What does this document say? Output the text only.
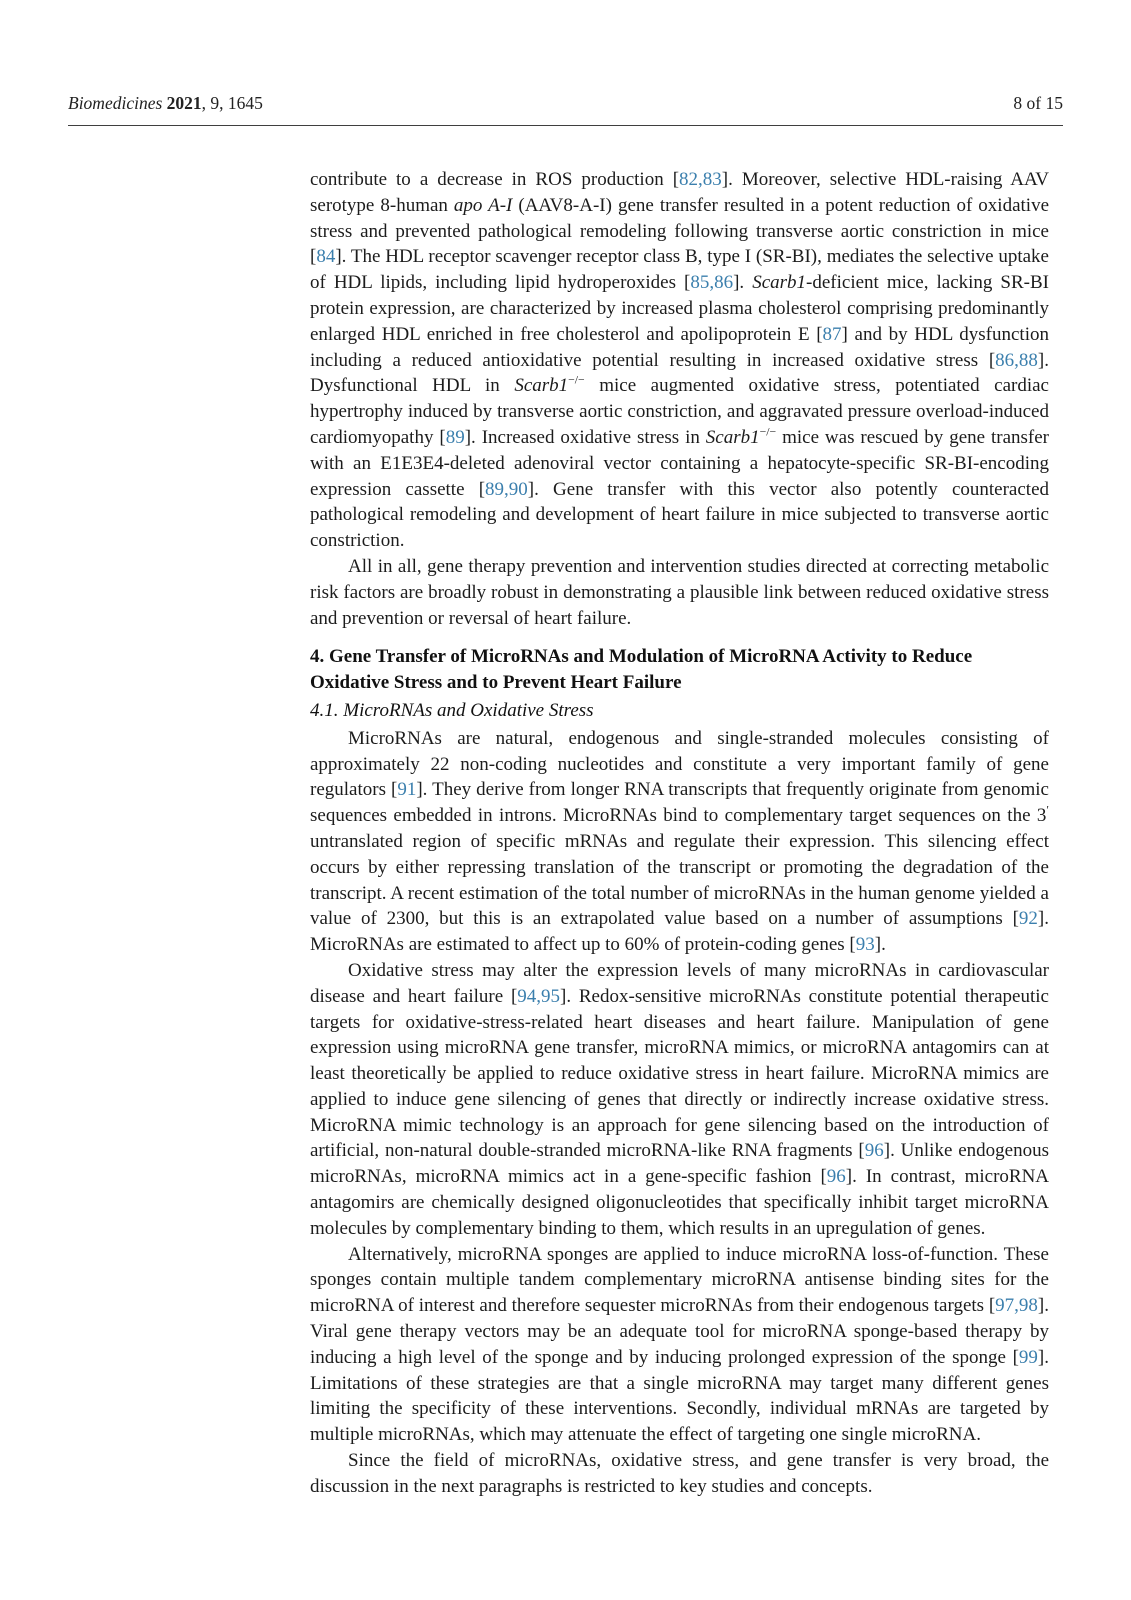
Biomedicines 2021, 9, 1645	8 of 15

contribute to a decrease in ROS production [82,83]. Moreover, selective HDL-raising AAV serotype 8-human apo A-I (AAV8-A-I) gene transfer resulted in a potent reduction of oxidative stress and prevented pathological remodeling following transverse aortic constriction in mice [84]. The HDL receptor scavenger receptor class B, type I (SR-BI), mediates the selective uptake of HDL lipids, including lipid hydroperoxides [85,86]. Scarb1-deficient mice, lacking SR-BI protein expression, are characterized by increased plasma cholesterol comprising predominantly enlarged HDL enriched in free cholesterol and apolipoprotein E [87] and by HDL dysfunction including a reduced antioxidative potential resulting in increased oxidative stress [86,88]. Dysfunctional HDL in Scarb1−/− mice augmented oxidative stress, potentiated cardiac hypertrophy induced by transverse aortic constriction, and aggravated pressure overload-induced cardiomyopathy [89]. Increased oxidative stress in Scarb1−/− mice was rescued by gene transfer with an E1E3E4-deleted adenoviral vector containing a hepatocyte-specific SR-BI-encoding expression cassette [89,90]. Gene transfer with this vector also potently counteracted pathological remodeling and development of heart failure in mice subjected to transverse aortic constriction.

All in all, gene therapy prevention and intervention studies directed at correcting metabolic risk factors are broadly robust in demonstrating a plausible link between reduced oxidative stress and prevention or reversal of heart failure.

4. Gene Transfer of MicroRNAs and Modulation of MicroRNA Activity to Reduce Oxidative Stress and to Prevent Heart Failure
4.1. MicroRNAs and Oxidative Stress

MicroRNAs are natural, endogenous and single-stranded molecules consisting of approximately 22 non-coding nucleotides and constitute a very important family of gene regulators [91]. They derive from longer RNA transcripts that frequently originate from genomic sequences embedded in introns. MicroRNAs bind to complementary target sequences on the 3′ untranslated region of specific mRNAs and regulate their expression. This silencing effect occurs by either repressing translation of the transcript or promoting the degradation of the transcript. A recent estimation of the total number of microRNAs in the human genome yielded a value of 2300, but this is an extrapolated value based on a number of assumptions [92]. MicroRNAs are estimated to affect up to 60% of protein-coding genes [93].

Oxidative stress may alter the expression levels of many microRNAs in cardiovascular disease and heart failure [94,95]. Redox-sensitive microRNAs constitute potential therapeutic targets for oxidative-stress-related heart diseases and heart failure. Manipulation of gene expression using microRNA gene transfer, microRNA mimics, or microRNA antagomirs can at least theoretically be applied to reduce oxidative stress in heart failure. MicroRNA mimics are applied to induce gene silencing of genes that directly or indirectly increase oxidative stress. MicroRNA mimic technology is an approach for gene silencing based on the introduction of artificial, non-natural double-stranded microRNA-like RNA fragments [96]. Unlike endogenous microRNAs, microRNA mimics act in a gene-specific fashion [96]. In contrast, microRNA antagomirs are chemically designed oligonucleotides that specifically inhibit target microRNA molecules by complementary binding to them, which results in an upregulation of genes.

Alternatively, microRNA sponges are applied to induce microRNA loss-of-function. These sponges contain multiple tandem complementary microRNA antisense binding sites for the microRNA of interest and therefore sequester microRNAs from their endogenous targets [97,98]. Viral gene therapy vectors may be an adequate tool for microRNA sponge-based therapy by inducing a high level of the sponge and by inducing prolonged expression of the sponge [99]. Limitations of these strategies are that a single microRNA may target many different genes limiting the specificity of these interventions. Secondly, individual mRNAs are targeted by multiple microRNAs, which may attenuate the effect of targeting one single microRNA.

Since the field of microRNAs, oxidative stress, and gene transfer is very broad, the discussion in the next paragraphs is restricted to key studies and concepts.
